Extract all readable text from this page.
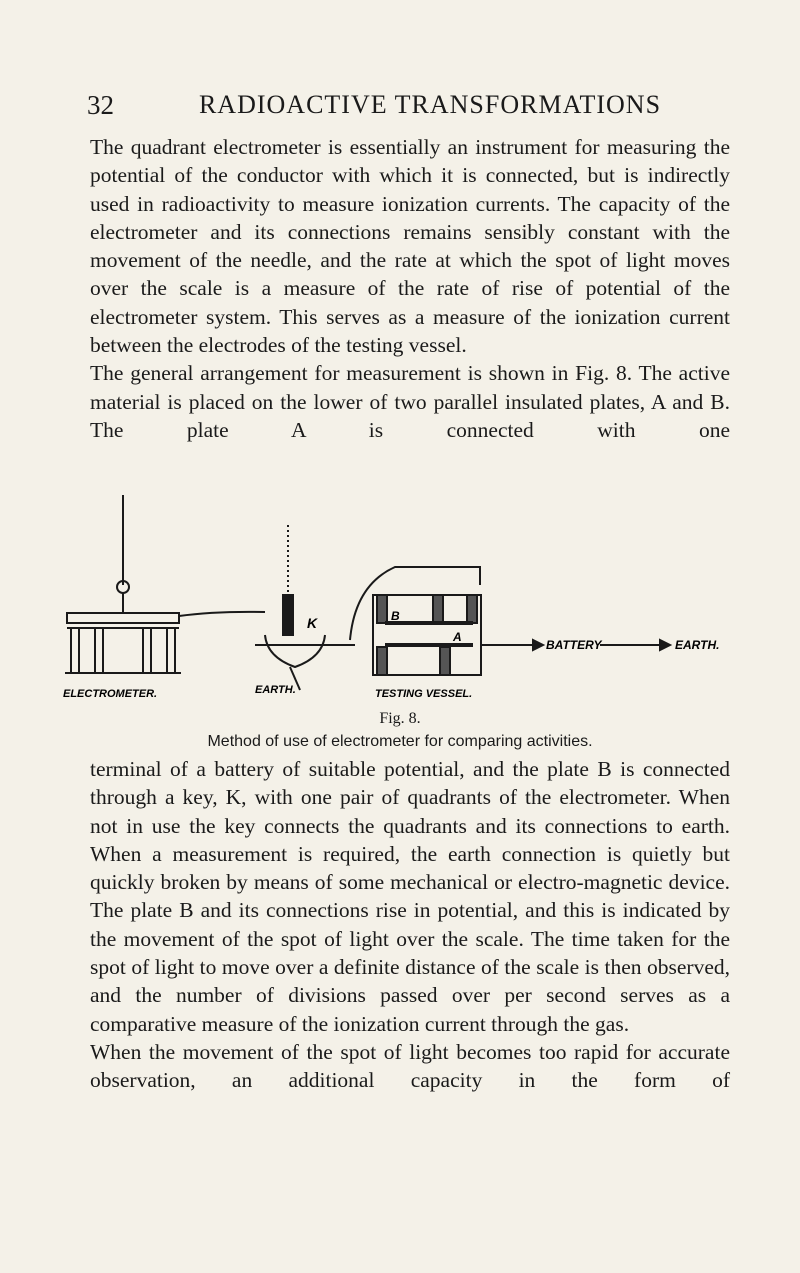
32	RADIOACTIVE TRANSFORMATIONS

The quadrant electrometer is essentially an instrument for measuring the potential of the conductor with which it is connected, but is indirectly used in radioactivity to measure ionization currents. The capacity of the electrometer and its connections remains sensibly constant with the movement of the needle, and the rate at which the spot of light moves over the scale is a measure of the rate of rise of potential of the electrometer system. This serves as a measure of the ionization current between the electrodes of the testing vessel.

The general arrangement for measurement is shown in Fig. 8. The active material is placed on the lower of two parallel insulated plates, A and B. The plate A is connected with one

ELECTROMETER.	EARTH.	TESTING VESSEL.
BATTERY	EARTH.
K
A
B
Fig. 8.
Method of use of electrometer for comparing activities.

terminal of a battery of suitable potential, and the plate B is connected through a key, K, with one pair of quadrants of the electrometer. When not in use the key connects the quadrants and its connections to earth. When a measurement is required, the earth connection is quietly but quickly broken by means of some mechanical or electro-magnetic device. The plate B and its connections rise in potential, and this is indicated by the movement of the spot of light over the scale. The time taken for the spot of light to move over a definite distance of the scale is then observed, and the number of divisions passed over per second serves as a comparative measure of the ionization current through the gas.

When the movement of the spot of light becomes too rapid for accurate observation, an additional capacity in the form of
